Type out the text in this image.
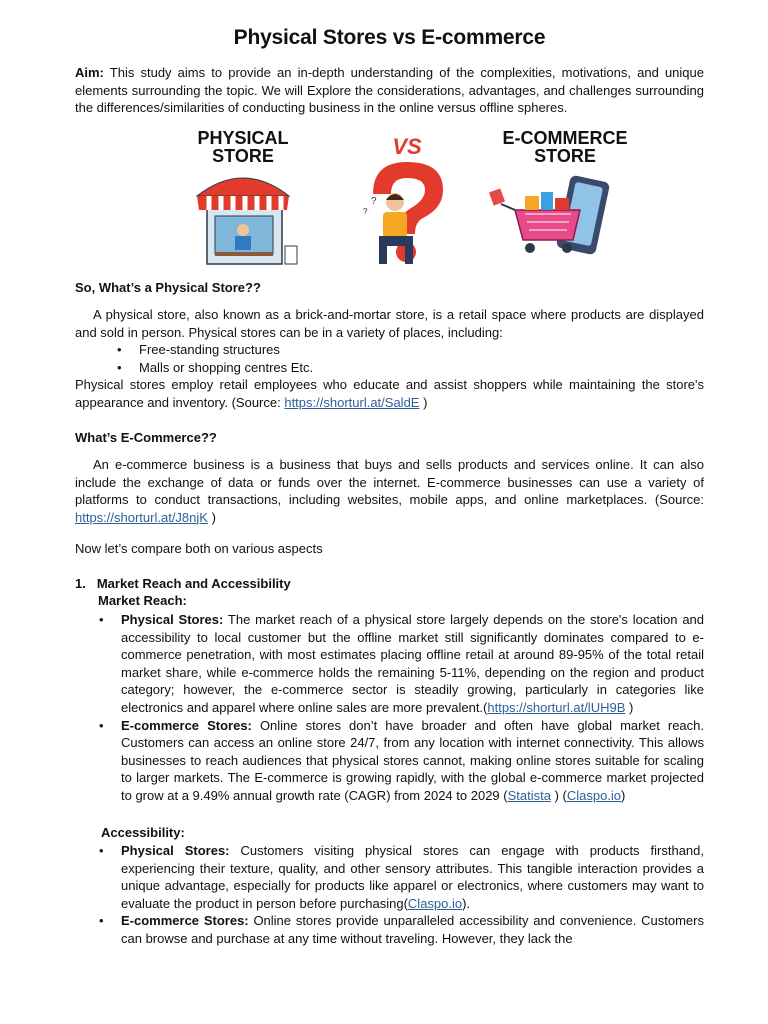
Physical Stores vs E-commerce

Aim: This study aims to provide an in-depth understanding of the complexities, motivations, and unique elements surrounding the topic. We will Explore the considerations, advantages, and challenges surrounding the differences/similarities of conducting business in the online versus offline spheres.

PHYSICAL
STORE	VS
?
?
E-COMMERCE
STORE

So, What’s a Physical Store??

A physical store, also known as a brick-and-mortar store, is a retail space where products are displayed and sold in person. Physical stores can be in a variety of places, including:

• Free-standing structures
• Malls or shopping centres Etc.

Physical stores employ retail employees who educate and assist shoppers while maintaining the store's appearance and inventory. (Source: https://shorturl.at/SaldE )

What’s E-Commerce??

An e-commerce business is a business that buys and sells products and services online. It can also include the exchange of data or funds over the internet. E-commerce businesses can use a variety of platforms to conduct transactions, including websites, mobile apps, and online marketplaces. (Source: https://shorturl.at/J8njK )

Now let’s compare both on various aspects

1. Market Reach and Accessibility

Market Reach:

• Physical Stores: The market reach of a physical store largely depends on the store's location and accessibility to local customer but the offline market still significantly dominates compared to e-commerce penetration, with most estimates placing offline retail at around 89-95% of the total retail market share, while e-commerce holds the remaining 5-11%, depending on the region and product category; however, the e-commerce sector is steadily growing, particularly in categories like electronics and apparel where online sales are more prevalent.(https://shorturl.at/lUH9B )
• E-commerce Stores: Online stores don’t have broader and often have global market reach. Customers can access an online store 24/7, from any location with internet connectivity. This allows businesses to reach audiences that physical stores cannot, making online stores suitable for scaling to larger markets. The E-commerce is growing rapidly, with the global e-commerce market projected to grow at a 9.49% annual growth rate (CAGR) from 2024 to 2029 (Statista ) (Claspo.io)

Accessibility:

• Physical Stores: Customers visiting physical stores can engage with products firsthand, experiencing their texture, quality, and other sensory attributes. This tangible interaction provides a unique advantage, especially for products like apparel or electronics, where customers may want to evaluate the product in person before purchasing(Claspo.io).
• E-commerce Stores: Online stores provide unparalleled accessibility and convenience. Customers can browse and purchase at any time without traveling. However, they lack the
